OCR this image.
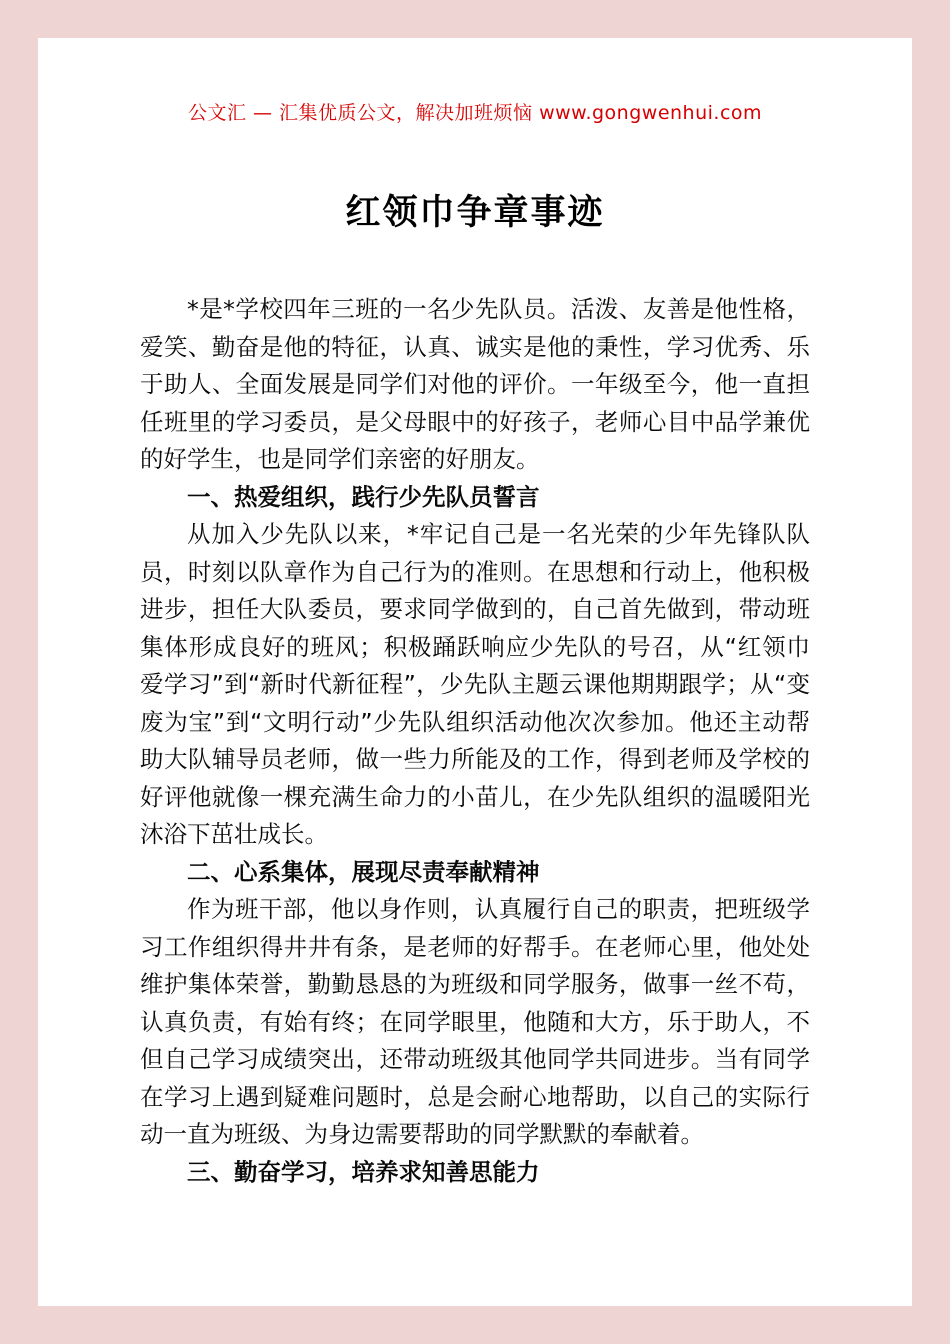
公文汇 — 汇集优质公文，解决加班烦恼 www.gongwenhui.com
红领巾争章事迹

*是*学校四年三班的一名少先队员。活泼、友善是他性格，爱笑、勤奋是他的特征，认真、诚实是他的秉性，学习优秀、乐于助人、全面发展是同学们对他的评价。一年级至今，他一直担任班里的学习委员，是父母眼中的好孩子，老师心目中品学兼优的好学生，也是同学们亲密的好朋友。

一、热爱组织，践行少先队员誓言

从加入少先队以来，*牢记自己是一名光荣的少年先锋队队员，时刻以队章作为自己行为的准则。在思想和行动上，他积极进步，担任大队委员，要求同学做到的，自己首先做到，带动班集体形成良好的班风；积极踊跃响应少先队的号召，从“红领巾爱学习”到“新时代新征程”，少先队主题云课他期期跟学；从“变废为宝”到“文明行动”少先队组织活动他次次参加。他还主动帮助大队辅导员老师，做一些力所能及的工作，得到老师及学校的好评他就像一棵充满生命力的小苗儿，在少先队组织的温暖阳光沐浴下茁壮成长。

二、心系集体，展现尽责奉献精神

作为班干部，他以身作则，认真履行自己的职责，把班级学习工作组织得井井有条，是老师的好帮手。在老师心里，他处处维护集体荣誉，勤勤恳恳的为班级和同学服务，做事一丝不苟，认真负责，有始有终；在同学眼里，他随和大方，乐于助人，不但自己学习成绩突出，还带动班级其他同学共同进步。当有同学在学习上遇到疑难问题时，总是会耐心地帮助，以自己的实际行动一直为班级、为身边需要帮助的同学默默的奉献着。

三、勤奋学习，培养求知善思能力
